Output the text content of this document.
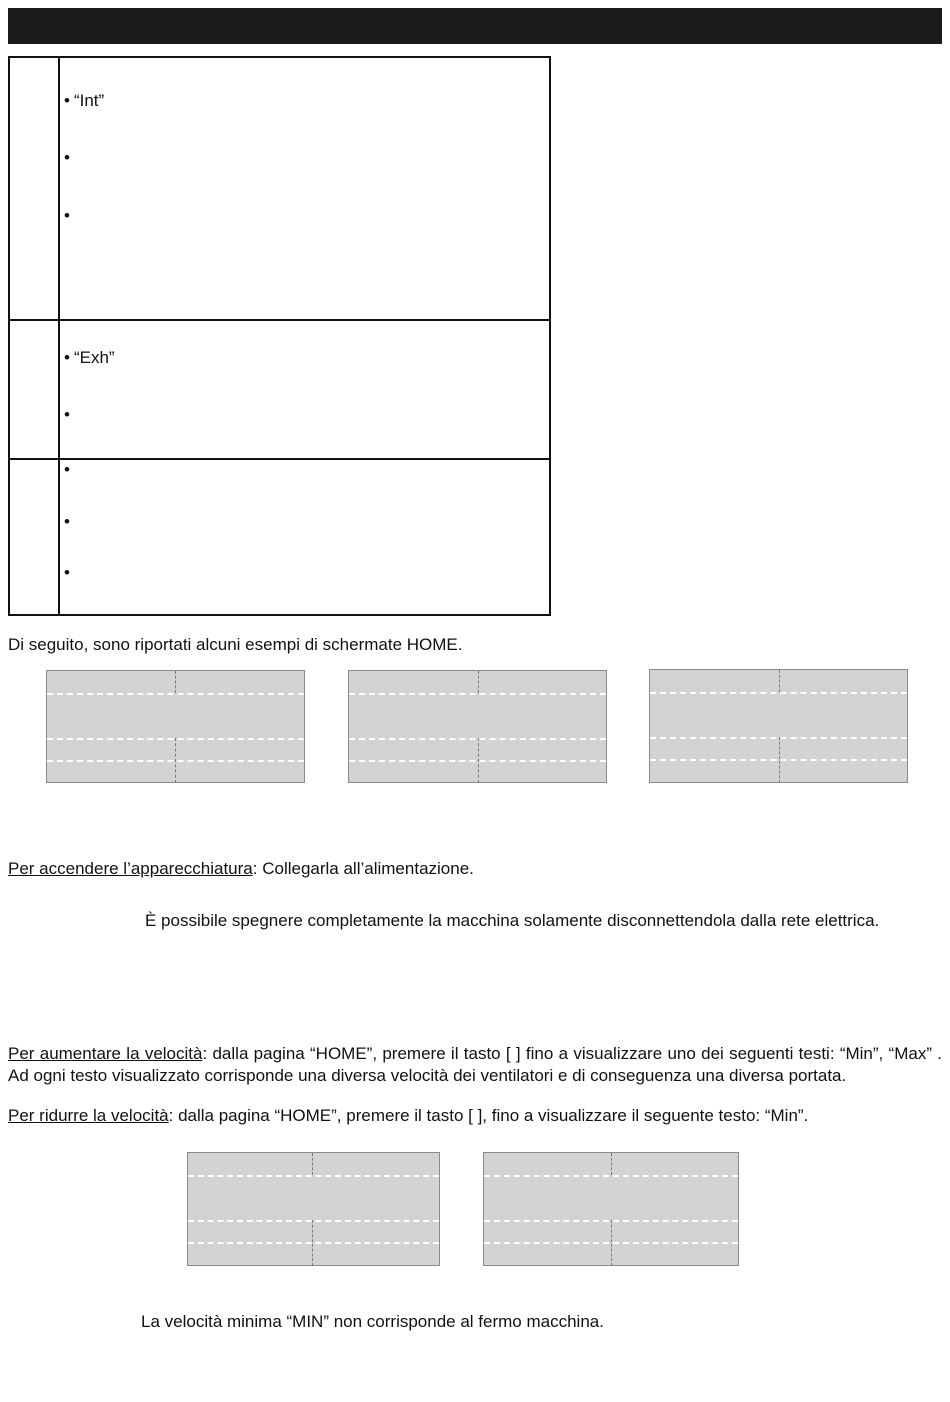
• “Int”
•
•
• “Exh”
•
•
•
•
Di seguito, sono riportati alcuni esempi di schermate HOME.
Per accendere l’apparecchiatura: Collegarla all’alimentazione.
È possibile spegnere completamente la macchina solamente disconnettendola dalla rete elettrica.
Per aumentare la velocità: dalla pagina “HOME”, premere il tasto [ ] fino a visualizzare uno dei seguenti testi: “Min”, “Max” . Ad ogni testo visualizzato corrisponde una diversa velocità dei ventilatori e di conseguenza una diversa portata.
Per ridurre la velocità: dalla pagina “HOME”, premere il tasto [ ], fino a visualizzare il seguente testo: “Min”.
La velocità minima “MIN” non corrisponde al fermo macchina.
